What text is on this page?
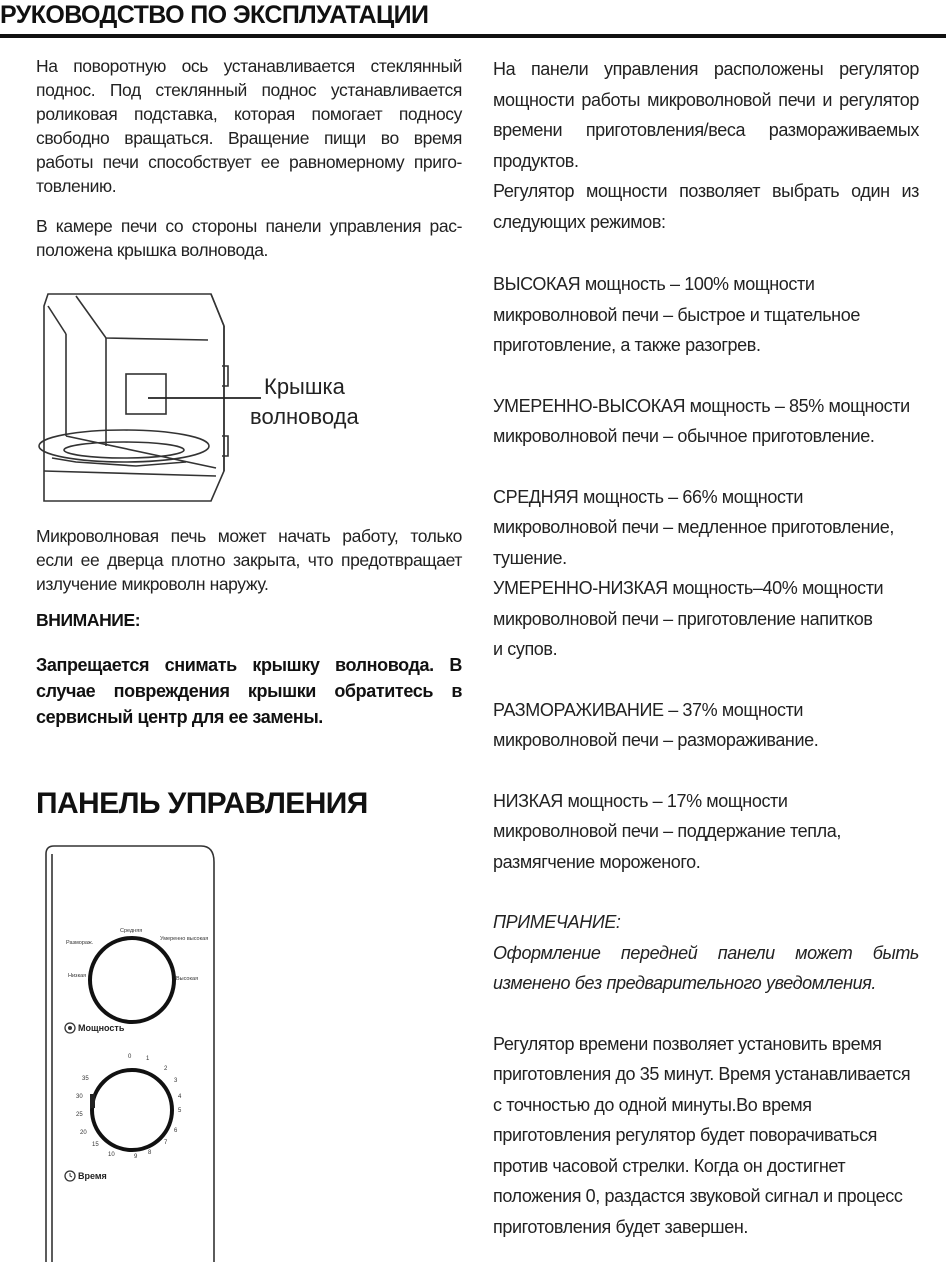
РУКОВОДСТВО ПО ЭКСПЛУАТАЦИИ

На поворотную ось устанавливается стеклянный поднос. Под стеклянный поднос устанавливается роликовая подставка, которая помогает подносу свободно вращаться. Вращение пищи во время работы печи способствует ее равномерному приго-товлению.

В камере печи со стороны панели управления рас-положена крышка волновода.

Крышка
волновода

Микроволновая печь может начать работу, только если ее дверца плотно закрыта, что предотвращает излучение микроволн наружу.

ВНИМАНИЕ:

Запрещается снимать крышку волновода. В случае повреждения крышки обратитесь в сервисный центр для ее замены.

ПАНЕЛЬ УПРАВЛЕНИЯ
Размораж.
Средняя
Умеренно высокая
Низкая	Высокая
Мощность
0 1
2
3
4
5
6
7
8
9
10
15
20
25
30
35
Время

На панели управления расположены регулятор мощности работы микроволновой печи и регулятор времени приготовления/веса размораживаемых продуктов.

Регулятор мощности позволяет выбрать один из следующих режимов:

ВЫСОКАЯ мощность – 100% мощности

микроволновой печи – быстрое и тщательное

приготовление, а также разогрев.

УМЕРЕННО-ВЫСОКАЯ мощность – 85% мощности

микроволновой печи – обычное приготовление.

СРЕДНЯЯ мощность – 66% мощности

микроволновой печи – медленное приготовление,

тушение.

УМЕРЕННО-НИЗКАЯ мощность–40% мощности

микроволновой печи – приготовление напитков

и супов.

РАЗМОРАЖИВАНИЕ – 37% мощности

микроволновой печи – размораживание.

НИЗКАЯ мощность – 17% мощности

микроволновой печи – поддержание тепла,

размягчение мороженого.

ПРИМЕЧАНИЕ:

Оформление передней панели может быть изменено без предварительного уведомления.

Регулятор времени позволяет установить время

приготовления до 35 минут. Время устанавливается

с точностью до одной минуты.Во время

приготовления регулятор будет поворачиваться

против часовой стрелки. Когда он достигнет

положения 0, раздастся звуковой сигнал и процесс

приготовления будет завершен.
